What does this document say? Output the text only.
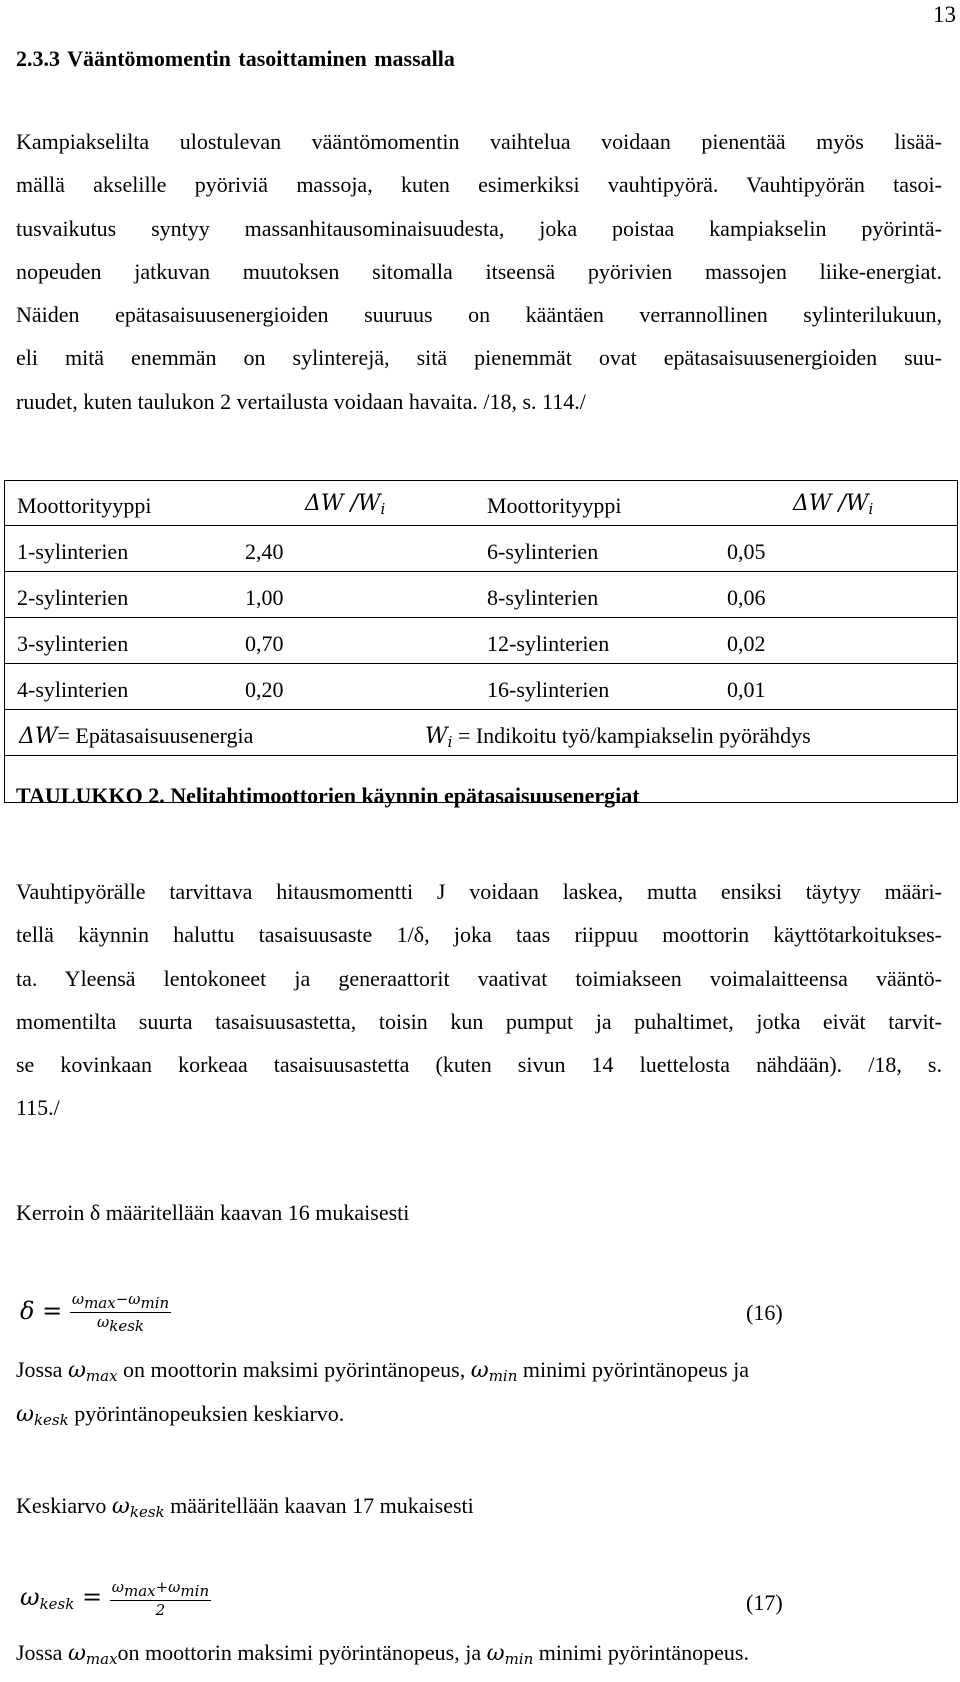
13
2.3.3 Vääntömomentin tasoittaminen massalla
Kampiakselilta ulostulevan vääntömomentin vaihtelua voidaan pienentää myös lisää-
mällä akselille pyöriviä massoja, kuten esimerkiksi vauhtipyörä. Vauhtipyörän tasoi-
tusvaikutus syntyy massanhitausominaisuudesta, joka poistaa kampiakselin pyörintä-
nopeuden jatkuvan muutoksen sitomalla itseensä pyörivien massojen liike-energiat.
Näiden epätasaisuusenergioiden suuruus on kääntäen verrannollinen sylinterilukuun,
eli mitä enemmän on sylinterejä, sitä pienemmät ovat epätasaisuusenergioiden suu-
ruudet, kuten taulukon 2 vertailusta voidaan havaita. /18, s. 114./
Moottorityyppi	ΔW $/W_i$	Moottorityyppi	ΔW $/W_i$
1-sylinterien	2,40	6-sylinterien	0,05
2-sylinterien	1,00	8-sylinterien	0,06
3-sylinterien	0,70	12-sylinterien	0,02
4-sylinterien	0,20	16-sylinterien	0,01
ΔW= Epätasaisuusenergia	$W_i$ = Indikoitu työ/kampiakselin pyörähdys
TAULUKKO 2. Nelitahtimoottorien käynnin epätasaisuusenergiat
Vauhtipyörälle tarvittava hitausmomentti J voidaan laskea, mutta ensiksi täytyy määri-
tellä käynnin haluttu tasaisuusaste 1/δ, joka taas riippuu moottorin käyttötarkoitukses-
ta. Yleensä lentokoneet ja generaattorit vaativat toimiakseen voimalaitteensa vääntö-
momentilta suurta tasaisuusastetta, toisin kun pumput ja puhaltimet, jotka eivät tarvit-
se kovinkaan korkeaa tasaisuusastetta (kuten sivun 14 luettelosta nähdään). /18, s.
115./
Kerroin δ määritellään kaavan 16 mukaisesti
$\delta = \frac{\omega\max-\omega\min}{\text{ωkesk}}$	(16)
Jossa $\omega_{max}$ on moottorin maksimi pyörintänopeus, $\omega_{min}$ minimi pyörintänopeus ja
$\omega_{kesk}$ pyörintänopeuksien keskiarvo.
Keskiarvo $\omega_{kesk}$ määritellään kaavan 17 mukaisesti
$\omega_{kesk} = \frac{\omega\max+\omega\min}{2}$	(17)
Jossa $\omega_{max}on$ moottorin maksimi pyörintänopeus, ja $\omega_{min}$ minimi pyörintänopeus.
